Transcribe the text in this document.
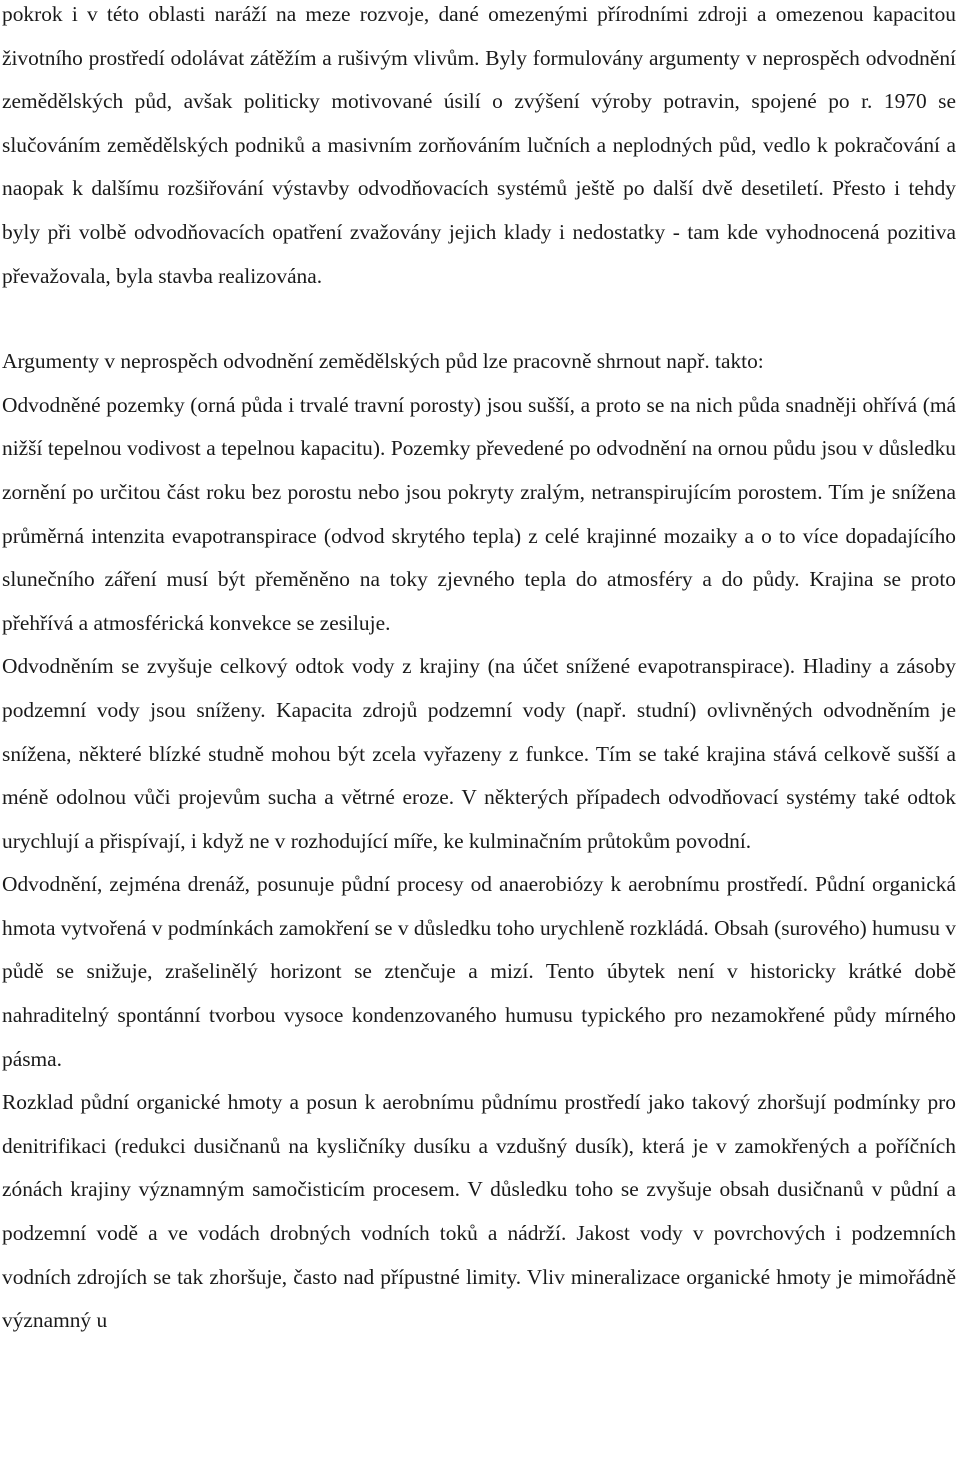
pokrok i v této oblasti naráží na meze rozvoje, dané omezenými přírodními zdroji a omezenou kapacitou životního prostředí odolávat zátěžím a rušivým vlivům. Byly formulovány argumenty v neprospěch odvodnění zemědělských půd, avšak politicky motivované úsilí o zvýšení výroby potravin, spojené po r. 1970 se slučováním zemědělských podniků a masivním zorňováním lučních a neplodných půd, vedlo k pokračování a naopak k dalšímu rozšiřování výstavby odvodňovacích systémů ještě po další dvě desetiletí. Přesto i tehdy byly při volbě odvodňovacích opatření zvažovány jejich klady i nedostatky - tam kde vyhodnocená pozitiva převažovala, byla stavba realizována.

Argumenty v neprospěch odvodnění zemědělských půd lze pracovně shrnout např. takto:

Odvodněné pozemky (orná půda i trvalé travní porosty) jsou sušší, a proto se na nich půda snadněji ohřívá (má nižší tepelnou vodivost a tepelnou kapacitu). Pozemky převedené po odvodnění na ornou půdu jsou v důsledku zornění po určitou část roku bez porostu nebo jsou pokryty zralým, netranspirujícím porostem. Tím je snížena průměrná intenzita evapotranspirace (odvod skrytého tepla) z celé krajinné mozaiky a o to více dopadajícího slunečního záření musí být přeměněno na toky zjevného tepla do atmosféry a do půdy. Krajina se proto přehřívá a atmosférická konvekce se zesiluje.

Odvodněním se zvyšuje celkový odtok vody z krajiny (na účet snížené evapotranspirace). Hladiny a zásoby podzemní vody jsou sníženy. Kapacita zdrojů podzemní vody (např. studní) ovlivněných odvodněním je snížena, některé blízké studně mohou být zcela vyřazeny z funkce. Tím se také krajina stává celkově sušší a méně odolnou vůči projevům sucha a větrné eroze. V některých případech odvodňovací systémy také odtok urychlují a přispívají, i když ne v rozhodující míře, ke kulminačním průtokům povodní.

Odvodnění, zejména drenáž, posunuje půdní procesy od anaerobiózy k aerobnímu prostředí. Půdní organická hmota vytvořená v podmínkách zamokření se v důsledku toho urychleně rozkládá. Obsah (surového) humusu v půdě se snižuje, zrašelinělý horizont se ztenčuje a mizí. Tento úbytek není v historicky krátké době nahraditelný spontánní tvorbou vysoce kondenzovaného humusu typického pro nezamokřené půdy mírného pásma.

Rozklad půdní organické hmoty a posun k aerobnímu půdnímu prostředí jako takový zhoršují podmínky pro denitrifikaci (redukci dusičnanů na kysličníky dusíku a vzdušný dusík), která je v zamokřených a poříčních zónách krajiny významným samočisticím procesem. V důsledku toho se zvyšuje obsah dusičnanů v půdní a podzemní vodě a ve vodách drobných vodních toků a nádrží. Jakost vody v povrchových i podzemních vodních zdrojích se tak zhoršuje, často nad přípustné limity. Vliv mineralizace organické hmoty je mimořádně významný u
